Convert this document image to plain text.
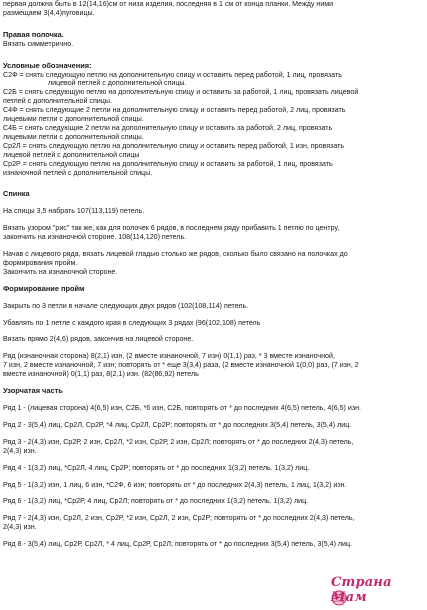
первая должна быть в 12(14,16)см от низа изделия, последняя в 1 см от конца планки. Между ними
размещаем 3(4,4)пуговицы.

Правая полочка.

Вязать симметрично.

Условные обозначения:

С2Ф = снять следующую петлю на дополнительную спицу и оставить перед работой, 1 лиц, провязать

лицевой петлей с дополнительной спицы.

С2Б = снять следующую петлю на дополнительную спицу и оставить за работой, 1 лиц, провязать лицевой

петлей с дополнительной спицы.

С4Ф = снять следующие 2 петли на дополнительную спицу и оставить перед работой, 2 лиц, провязать

лицевыми петли с дополнительной спицы.

С4Б = снять следующие 2 петли на дополнительную спицу и оставить за работой, 2 лиц, провязать

лицевыми петли с дополнительной спицы.

Ср2Л = снять следующую петлю на дополнительную спицу и оставить перед работой, 1 изн, провязать

лицевой петлей с дополнительной спицы

Ср2Р = снять следующую петлю на дополнительную спицу и оставить за работой, 1 лиц, провязать

изнаночной петлей с дополнительной спицы.

Спинка

На спицы 3,5 набрать 107(113,119) петель.

Вязать узором "рис" так же, как для полочек 6 рядов, в последнем ряду прибавить 1 петлю по центру,

закончить на изнаночной стороне. 108(114,120) петель.

Начав с лицевого ряда, вязать лицевой гладью столько же рядов, сколько было связано на полочках до

формирования пройм.

Закончить на изнаночной стороне.

Формирование пройм

Закрыть по 3 петли в начале следующих двух рядов (102(108,114) петель.

Убавлять по 1 петле с каждого края в следующих 3 рядах (96(102,108) петель

Вязать прямо 2(4,6) рядов, закончив на лицевой стороне.

Ряд (изнаночная сторона) 8(2,1) изн, (2 вместе изнаночной, 7 изн) 0(1,1) раз, * 3 вместе изнаночной,

7 изн, 2 вместе изнаночной, 7 изн; повторять от * еще 3(3,4) раза, (2 вместе изнаночной 1(0,0) раз, (7 изн, 2

вместе изнаночной) 0(1,1) раз, 8(2,1) изн. (82(86,92) петель

Узорчатая часть

Ряд 1 - (лицевая сторона) 4(6,5) изн, С2Б, *6 изн, С2Б, повторять от * до последних 4(6,5) петель, 4(6,5) изн.

Ряд 2 - 3(5,4) лиц, Ср2Л, Ср2Р, *4 лиц, Ср2Л, Ср2Р; повторять от * до последних 3(5,4) петель, 3(5,4) лиц.

Ряд 3 - 2(4,3) изн, Ср2Р, 2 изн, Ср2Л, *2 изн, Ср2Р, 2 изн, Ср2Л; повторять от * до последних 2(4,3) петель,

2(4,3) изн.

Ряд 4 - 1(3,2) лиц, *Ср2Л, 4 лиц, Ср2Р; повторять от * до последних 1(3,2) петель. 1(3,2) лиц.

Ряд 5 - 1(3,2) изн, 1 лиц, 6 изн, *С2Ф, 6 изн; повторять от * до последних 2(4,3) петель, 1 лиц, 1(3,2) изн.

Ряд 6 - 1(3,2) лиц, *Ср2Р, 4 лиц, Ср2Л; повторять от * до последних 1(3,2) петель. 1(3,2) лиц.

Ряд 7 - 2(4,3) изн, Ср2Л, 2 изн, Ср2Р, *2 изн, Ср2Л, 2 изн, Ср2Р; повторять от * до последних 2(4,3) петель,

2(4,3) изн.

Ряд 8 - 3(5,4) лиц, Ср2Р, Ср2Л, * 4 лиц, Ср2Р, Ср2Л; повторять от * до последних 3(5,4) петель, 3(5,4) лиц.

Страна Мам
